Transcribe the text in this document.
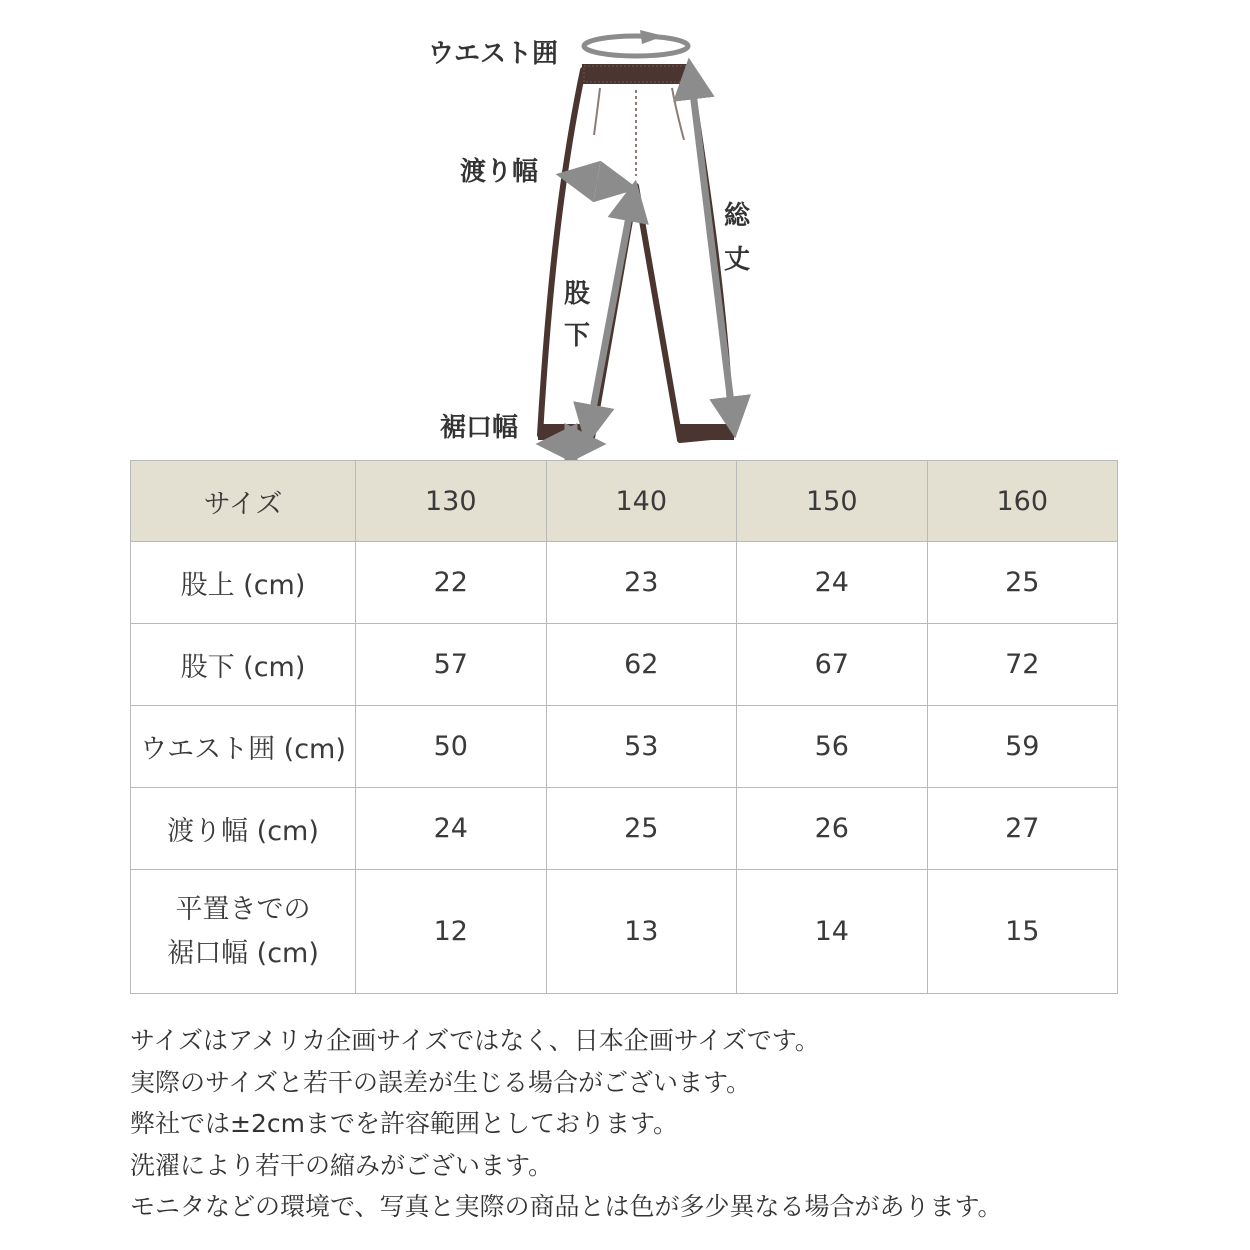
ウエスト囲
渡り幅
総
丈
股
下
裾口幅
サイズ	130	140	150	160
股上 (cm)	22	23	24	25
股下 (cm)	57	62	67	72
ウエスト囲 (cm)	50	53	56	59
渡り幅 (cm)	24	25	26	27

平置きでの
裾口幅 (cm)	12	13	14	15
サイズはアメリカ企画サイズではなく、日本企画サイズです。
実際のサイズと若干の誤差が生じる場合がございます。
弊社では±2cmまでを許容範囲としております。
洗濯により若干の縮みがございます。
モニタなどの環境で、写真と実際の商品とは色が多少異なる場合があります。
